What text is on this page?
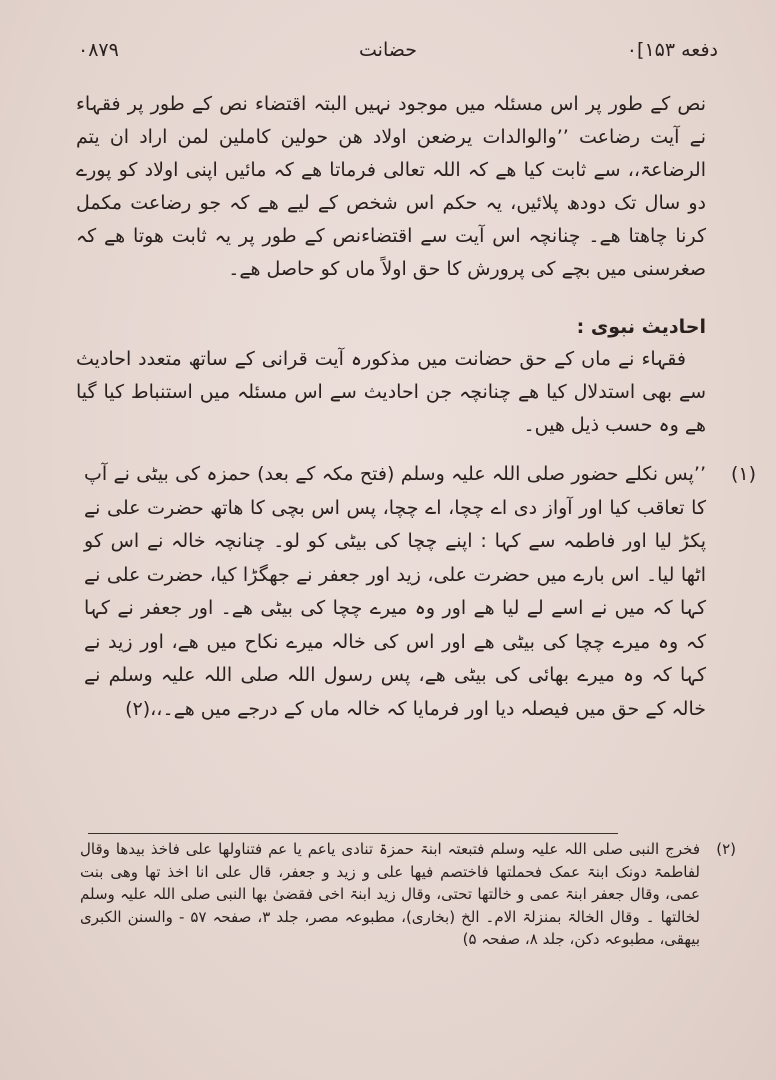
۰۸۷۹	حضانت	دفعه ۱۵۳]۰
نص کے طور پر اس مسئلہ میں موجود نہیں البتہ اقتضاء نص کے طور پر فقہاء نے آیت رضاعت ’’والوالدات یرضعن اولاد ھن حولین کاملین لمن اراد ان یتم الرضاعۃ،، سے ثابت کیا ھے کہ اللہ تعالی فرماتا ھے کہ مائیں اپنی اولاد کو پورے دو سال تک دودھ پلائیں، یہ حکم اس شخص کے لیے ھے کہ جو رضاعت مکمل کرنا چاھتا ھے۔ چنانچہ اس آیت سے اقتضاءنص کے طور پر یہ ثابت ھوتا ھے کہ صغرسنی میں بچے کی پرورش کا حق اولاً ماں کو حاصل ھے۔
احادیث نبوی :
فقہاء نے ماں کے حق حضانت میں مذکورہ آیت قرانی کے ساتھ متعدد احادیث سے بھی استدلال کیا ھے چنانچہ جن احادیث سے اس مسئلہ میں استنباط کیا گیا ھے وہ حسب ذیل ھیں۔
(۱)
’’پس نکلے حضور صلی اللہ علیہ وسلم (فتح مکہ کے بعد) حمزہ کی بیٹی نے آپ کا تعاقب کیا اور آواز دی اے چچا، اے چچا، پس اس بچی کا ھاتھ حضرت علی نے پکڑ لیا اور فاطمہ سے کہا : اپنے چچا کی بیٹی کو لو۔ چنانچہ خالہ نے اس کو اٹھا لیا۔ اس بارے میں حضرت علی، زید اور جعفر نے جھگڑا کیا، حضرت علی نے کہا کہ میں نے اسے لے لیا ھے اور وہ میرے چچا کی بیٹی ھے۔ اور جعفر نے کہا کہ وہ میرے چچا کی بیٹی ھے اور اس کی خالہ میرے نکاح میں ھے، اور زید نے کہا کہ وہ میرے بھائی کی بیٹی ھے، پس رسول اللہ صلی اللہ علیہ وسلم نے خالہ کے حق میں فیصلہ دیا اور فرمایا کہ خالہ ماں کے درجے میں ھے۔،،(۲)
(۲)
فخرج النبی صلی اللہ علیہ وسلم فتبعتہ ابنۃ حمزۃ تنادی یاعم یا عم فتناولھا علی فاخذ بیدھا وقال لفاطمۃ دونک ابنۃ عمک فحملتھا فاختصم فیھا علی و زید و جعفر، قال علی انا اخذ تھا وھی بنت عمی، وقال جعفر ابنۃ عمی و خالتھا تحتی، وقال زید ابنۃ اخی فقضیٰ بھا النبی صلی اللہ علیہ وسلم لخالتھا ۔ وقال الخالۃ بمنزلۃ الام۔ الخ (بخاری)، مطبوعہ مصر، جلد ۳، صفحہ ۵۷ - والسنن الکبری بیھقی، مطبوعہ دکن، جلد ۸، صفحہ ۵)
